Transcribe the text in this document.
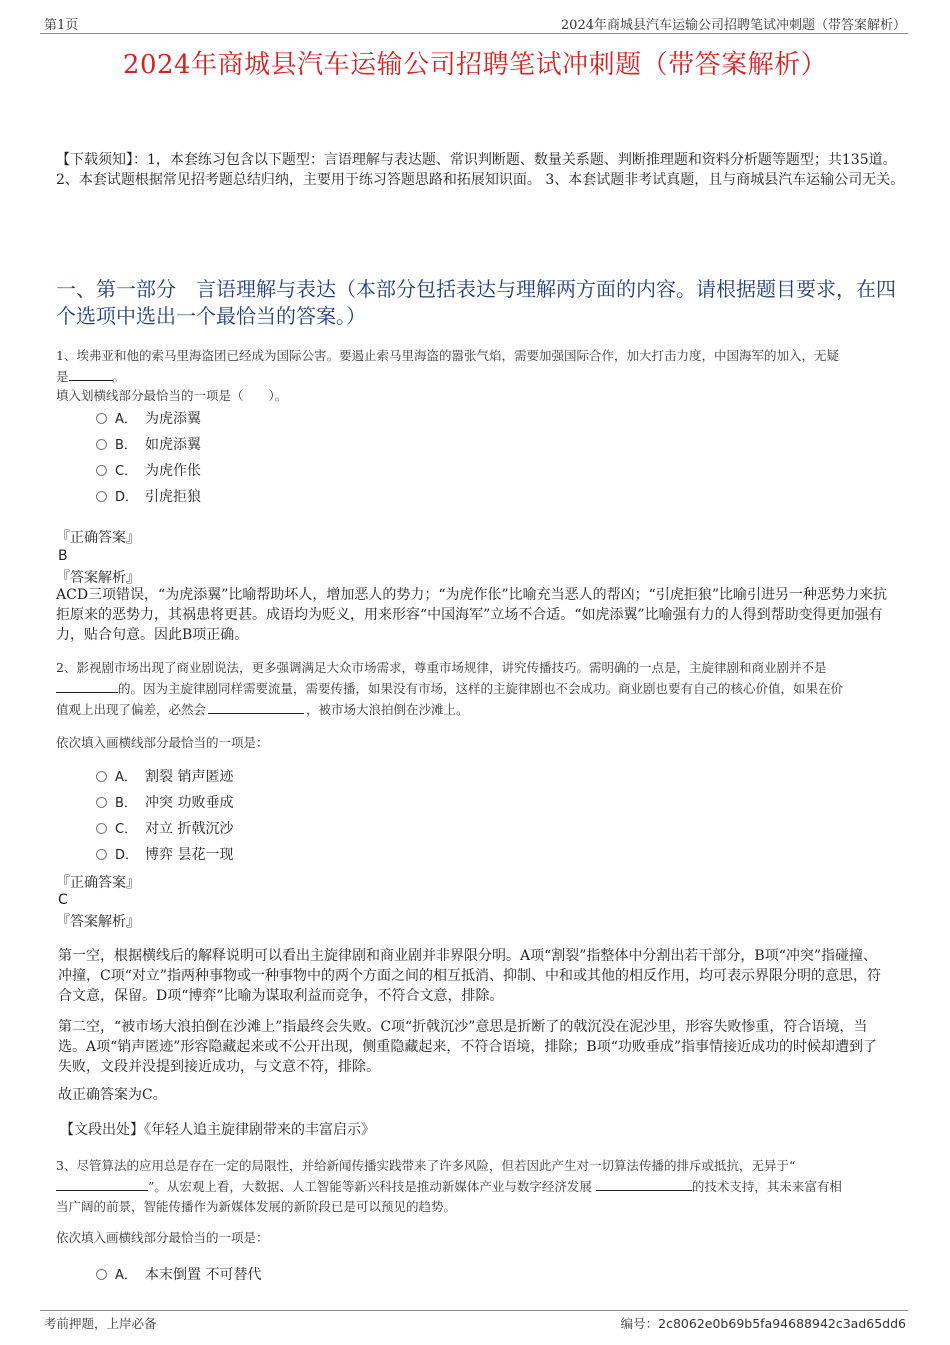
第1页	2024年商城县汽车运输公司招聘笔试冲刺题（带答案解析）
2024年商城县汽车运输公司招聘笔试冲刺题（带答案解析）
【下载须知】：1，本套练习包含以下题型：言语理解与表达题、常识判断题、数量关系题、判断推理题和资料分析题等题型；共135道。 2、本套试题根据常见招考题总结归纳，主要用于练习答题思路和拓展知识面。 3、本套试题非考试真题，且与商城县汽车运输公司无关。
一、第一部分　言语理解与表达（本部分包括表达与理解两方面的内容。请根据题目要求，在四个选项中选出一个最恰当的答案。）
1、埃弗亚和他的索马里海盗团已经成为国际公害。要遏止索马里海盗的嚣张气焰，需要加强国际合作，加大打击力度，中国海军的加入，无疑
是	。
填入划横线部分最恰当的一项是（　　）。
A． 为虎添翼
B． 如虎添翼
C． 为虎作伥
D． 引虎拒狼
『正确答案』
B
『答案解析』
ACD三项错误，“为虎添翼”比喻帮助坏人，增加恶人的势力；“为虎作伥”比喻充当恶人的帮凶；“引虎拒狼”比喻引进另一种恶势力来抗拒原来的恶势力，其祸患将更甚。成语均为贬义，用来形容“中国海军”立场不合适。“如虎添翼”比喻强有力的人得到帮助变得更加强有力，贴合句意。因此B项正确。
2、影视剧市场出现了商业剧说法，更多强调满足大众市场需求，尊重市场规律，讲究传播技巧。需明确的一点是，主旋律剧和商业剧并不是
的。因为主旋律剧同样需要流量，需要传播，如果没有市场，这样的主旋律剧也不会成功。商业剧也要有自己的核心价值，如果在价
值观上出现了偏差，必然会	，被市场大浪拍倒在沙滩上。
依次填入画横线部分最恰当的一项是：
A． 割裂 销声匿迹
B． 冲突 功败垂成
C． 对立 折戟沉沙
D． 博弈 昙花一现
『正确答案』
C
『答案解析』
第一空，根据横线后的解释说明可以看出主旋律剧和商业剧并非界限分明。A项“割裂”指整体中分割出若干部分，B项“冲突”指碰撞、冲撞，C项“对立”指两种事物或一种事物中的两个方面之间的相互抵消、抑制、中和或其他的相反作用，均可表示界限分明的意思，符合文意，保留。D项“博弈”比喻为谋取利益而竞争，不符合文意，排除。
第二空，“被市场大浪拍倒在沙滩上”指最终会失败。C项“折戟沉沙”意思是折断了的戟沉没在泥沙里，形容失败惨重，符合语境，当选。A项“销声匿迹”形容隐藏起来或不公开出现，侧重隐藏起来，不符合语境，排除；B项“功败垂成”指事情接近成功的时候却遭到了失败，文段并没提到接近成功，与文意不符，排除。
故正确答案为C。
【文段出处】《年轻人追主旋律剧带来的丰富启示》
3、尽管算法的应用总是存在一定的局限性，并给新闻传播实践带来了许多风险，但若因此产生对一切算法传播的排斥或抵抗，无异于“
”。从宏观上看，大数据、人工智能等新兴科技是推动新媒体产业与数字经济发展	的技术支持，其未来富有相
当广阔的前景，智能传播作为新媒体发展的新阶段已是可以预见的趋势。
依次填入画横线部分最恰当的一项是：
A． 本末倒置 不可替代
考前押题，上岸必备	编号：2c8062e0b69b5fa94688942c3ad65dd6
